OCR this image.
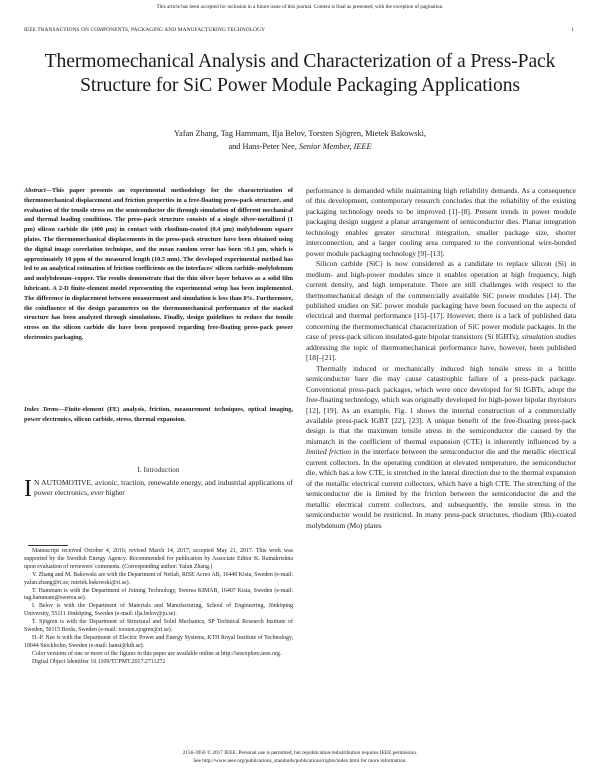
This article has been accepted for inclusion in a future issue of this journal. Content is final as presented, with the exception of pagination.
IEEE TRANSACTIONS ON COMPONENTS, PACKAGING AND MANUFACTURING TECHNOLOGY	1
Thermomechanical Analysis and Characterization of a Press-Pack Structure for SiC Power Module Packaging Applications
Yafan Zhang, Tag Hammam, Ilja Belov, Torsten Sjögren, Mietek Bakowski,
and Hans-Peter Nee, Senior Member, IEEE
Abstract—This paper presents an experimental methodology for the characterization of thermomechanical displacement and friction properties in a free-floating press-pack structure, and evaluation of the tensile stress on the semiconductor die through simulation of different mechanical and thermal loading conditions. The press-pack structure consists of a single silver-metallized (1 μm) silicon carbide die (400 μm) in contact with rhodium-coated (0.4 μm) molybdenum square plates. The thermomechanical displacements in the press-pack structure have been obtained using the digital image correlation technique, and the mean random error has been ±0.1 μm, which is approximately 10 ppm of the measured length (10.5 mm). The developed experimental method has led to an analytical estimation of friction coefficients on the interfaces' silicon carbide–molybdenum and molybdenum–copper. The results demonstrate that the thin silver layer behaves as a solid film lubricant. A 2-D finite-element model representing the experimental setup has been implemented. The difference in displacement between measurement and simulation is less than 8%. Furthermore, the coinfluence of the design parameters on the thermomechanical performance of the stacked structure has been analyzed through simulations. Finally, design guidelines to reduce the tensile stress on the silicon carbide die have been proposed regarding free-floating press-pack power electronics packaging.
Index Terms—Finite-element (FE) analysis, friction, measurement techniques, optical imaging, power electronics, silicon carbide, stress, thermal expansion.
I. Introduction
I N AUTOMOTIVE, avionic, traction, renewable energy, and industrial applications of power electronics, ever higher

Manuscript received October 4, 2016; revised March 14, 2017; accepted May 21, 2017. This work was supported by the Swedish Energy Agency. Recommended for publication by Associate Editor K. Ramakrishna upon evaluation of reviewers' comments. (Corresponding author: Yafan Zhang.)

Y. Zhang and M. Bakowski are with the Department of Netlab, RISE Acreo AB, 16440 Kista, Sweden (e-mail: yafan.zhang@ri.se; mietek.bakowski@ri.se).

T. Hammam is with the Department of Joining Technology, Swerea KIMAB, 16407 Kista, Sweden (e-mail: tag.hammam@swerea.se).

I. Belov is with the Department of Materials and Manufacturing, School of Engineering, Jönköping University, 55111 Jönköping, Sweden (e-mail: ilja.belov@ju.se).

T. Sjögren is with the Department of Structural and Solid Mechanics, SP Technical Research Institute of Sweden, 50115 Borås, Sweden (e-mail: torsten.sjogren@ri.se).

H.-P. Nee is with the Department of Electric Power and Energy Systems, KTH Royal Institute of Technology, 10044 Stockholm, Sweden (e-mail: hansi@kth.se).

Color versions of one or more of the figures in this paper are available online at http://ieeexplore.ieee.org.

Digital Object Identifier 10.1109/TCPMT.2017.2711272

performance is demanded while maintaining high reliability demands. As a consequence of this development, contemporary research concludes that the reliability of the existing packaging technology needs to be improved [1]–[8]. Present trends in power module packaging design suggest a planar arrangement of semiconductor dies. Planar integration technology enables greater structural integration, smaller package size, shorter interconnection, and a larger cooling area compared to the conventional wire-bonded power module packaging technology [9]–[13].

Silicon carbide (SiC) is now considered as a candidate to replace silicon (Si) in medium- and high-power modules since it enables operation at high frequency, high current density, and high temperature. There are still challenges with respect to the thermomechanical design of the commercially available SiC power modules [14]. The published studies on SiC power module packaging have been focused on the aspects of electrical and thermal performance [15]–[17]. However, there is a lack of published data concerning the thermomechanical characterization of SiC power module packages. In the case of press-pack silicon insulated-gate bipolar transistors (Si IGBTs), simulation studies addressing the topic of thermomechanical performance have, however, been published [18]–[21].

Thermally induced or mechanically induced high tensile stress in a brittle semiconductor bare die may cause catastrophic failure of a press-pack package. Conventional press-pack packages, which were once developed for Si IGBTs, adopt the free-floating technology, which was originally developed for high-power bipolar thyristors [12], [19]. As an example, Fig. 1 shows the internal construction of a commercially available press-pack IGBT [22], [23]. A unique benefit of the free-floating press-pack design is that the maximum tensile stress in the semiconductor die caused by the mismatch in the coefficient of thermal expansion (CTE) is inherently influenced by a limited friction in the interface between the semiconductor die and the metallic electrical current collectors. In the operating condition at elevated temperature, the semiconductor die, which has a low CTE, is stretched in the lateral direction due to the thermal expansion of the metallic electrical current collectors, which have a high CTE. The stretching of the semiconductor die is limited by the friction between the semiconductor die and the metallic electrical current collectors, and subsequently, the tensile stress in the semiconductor would be restricted. In many press-pack structures, rhodium (Rh)-coated molybdenum (Mo) plates

2156-3950 © 2017 IEEE. Personal use is permitted, but republication/redistribution requires IEEE permission.
See http://www.ieee.org/publications_standards/publications/rights/index.html for more information.
